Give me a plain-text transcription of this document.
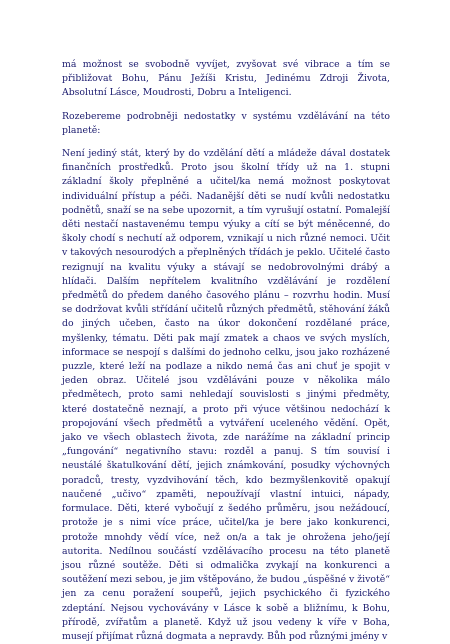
má možnost se svobodně vyvíjet, zvyšovat své vibrace a tím se přibližovat Bohu, Pánu Ježíši Kristu, Jedinému Zdroji Života, Absolutní Lásce, Moudrosti, Dobru a Inteligenci.

Rozebereme podrobněji nedostatky v systému vzdělávání na této planetě:

Není jediný stát, který by do vzdělání dětí a mládeže dával dostatek finančních prostředků. Proto jsou školní třídy už na 1. stupni základní školy přeplněné a učitel/ka nemá možnost poskytovat individuální přístup a péči. Nadanější děti se nudí kvůli nedostatku podnětů, snaží se na sebe upozornit, a tím vyrušují ostatní. Pomalejší děti nestačí nastavenému tempu výuky a cítí se být méněcenné, do školy chodí s nechutí až odporem, vznikají u nich různé nemoci. Učit v takových nesourodých a přeplněných třídách je peklo. Učitelé často rezignují na kvalitu výuky a stávají se nedobrovolnými drábý a hlídači. Dalším nepřítelem kvalitního vzdělávání je rozdělení předmětů do předem daného časového plánu – rozvrhu hodin. Musí se dodržovat kvůli střídání učitelů různých předmětů, stěhování žáků do jiných učeben, často na úkor dokončení rozdělané práce, myšlenky, tématu. Děti pak mají zmatek a chaos ve svých myslích, informace se nespojí s dalšími do jednoho celku, jsou jako rozházené puzzle, které leží na podlaze a nikdo nemá čas ani chuť je spojit v jeden obraz. Učitelé jsou vzděláváni pouze v několika málo předmětech, proto sami nehledají souvislosti s jinými předměty, které dostatečně neznají, a proto při výuce většinou nedochází k propojování všech předmětů a vytváření uceleného vědění. Opět, jako ve všech oblastech života, zde narážíme na základní princip „fungování“ negativního stavu: rozděl a panuj. S tím souvisí i neustálé škatulkování dětí, jejich známkování, posudky výchovných poradců, tresty, vyzdvihování těch, kdo bezmyšlenkovitě opakují naučené „učivo“ zpaměti, nepoužívají vlastní intuici, nápady, formulace. Děti, které vybočují z šedého průměru, jsou nežádoucí, protože je s nimi více práce, učitel/ka je bere jako konkurenci, protože mnohdy vědí více, než on/a a tak je ohrožena jeho/její autorita. Nedílnou součástí vzdělávacího procesu na této planetě jsou různé soutěže. Děti si odmalička zvykají na konkurenci a soutěžení mezi sebou, je jim vštěpováno, že budou „úspěšné v životě“ jen za cenu poražení soupeřů, jejich psychického či fyzického zdeptání. Nejsou vychovávány v Lásce k sobě a bližnímu, k Bohu, přírodě, zvířatům a planetě. Když už jsou vedeny k víře v Boha, musejí přijímat různá dogmata a nepravdy. Bůh pod různými jmény v
